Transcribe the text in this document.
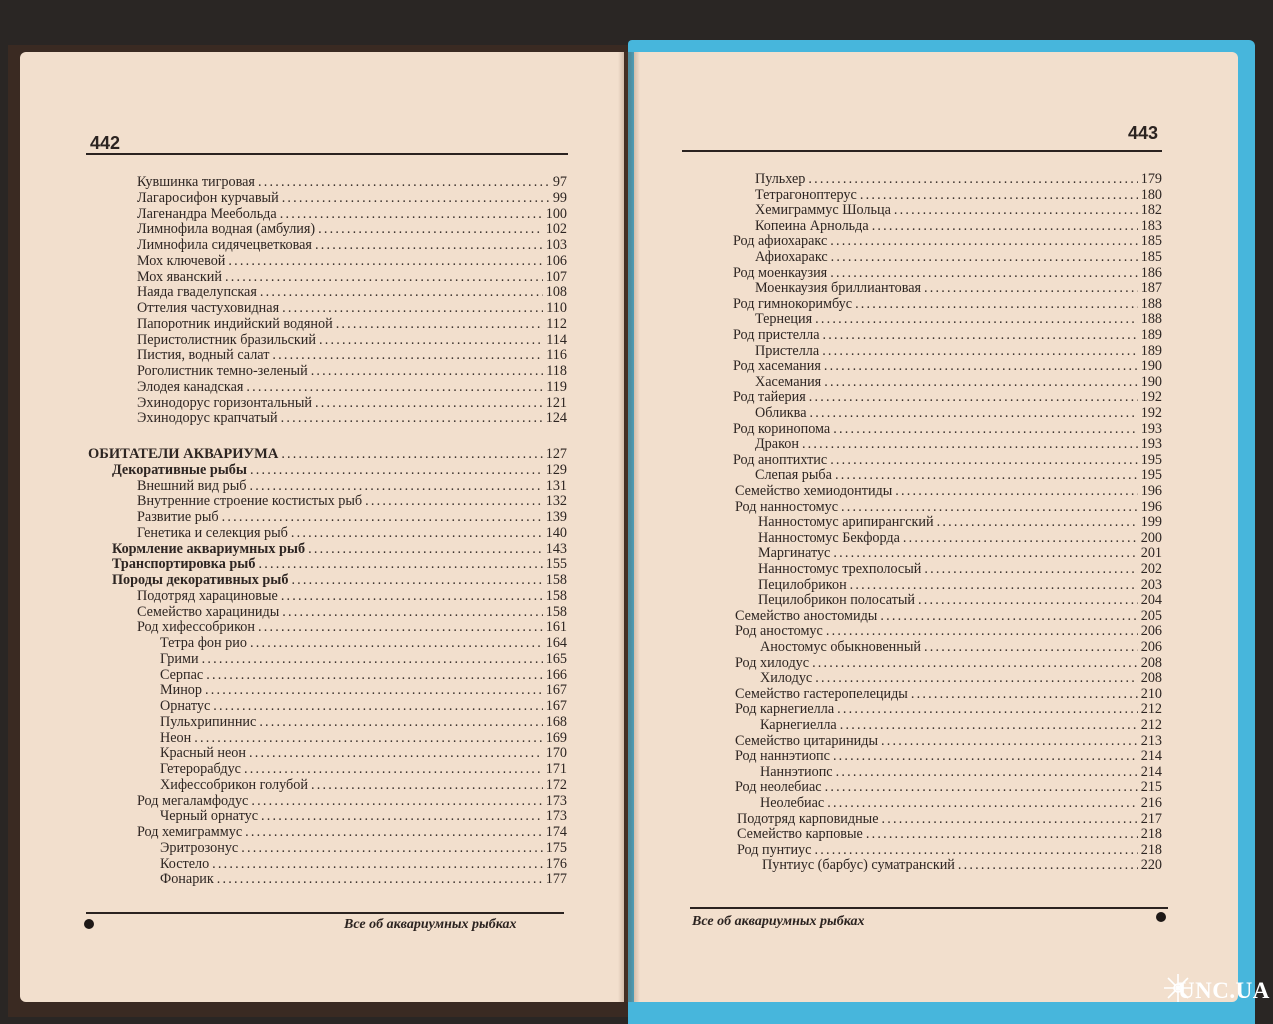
442	443
Кувшинка тигровая .....	97
Лагаросифон курчавый .....	99
Лагенандра Меебольда .....	100
Лимнофила водная (амбулия) .....	102
Лимнофила сидячецветковая .....	103
Мох ключевой .....	106
Мох яванский .....	107
Наяда гваделупская .....	108
Оттелия частуховидная .....	110
Папоротник индийский водяной .....	112
Перистолистник бразильский .....	114
Пистия, водный салат .....	116
Роголистник темно-зеленый .....	118
Элодея канадская .....	119
Эхинодорус горизонтальный .....	121
Эхинодорус крапчатый .....	124
ОБИТАТЕЛИ АКВАРИУМА .....	127
Декоративные рыбы .....	129
Внешний вид рыб .....	131
Внутренние строение костистых рыб .....	132
Развитие рыб .....	139
Генетика и селекция рыб .....	140
Кормление аквариумных рыб .....	143
Транспортировка рыб .....	155
Породы декоративных рыб .....	158
Подотряд харациновые .....	158
Семейство харациниды .....	158
Род хифессобрикон .....	161
Тетра фон рио .....	164
Грими .....	165
Серпас .....	166
Минор .....	167
Орнатус .....	167
Пульхрипиннис .....	168
Неон .....	169
Красный неон .....	170
Гетерорабдус .....	171
Хифессобрикон голубой .....	172
Род мегаламфодус .....	173
Черный орнатус .....	173
Род хемиграммус .....	174
Эритрозонус .....	175
Костело .....	176
Фонарик .....	177
Пульхер .....	179
Тетрагоноптерус .....	180
Хемиграммус Шольца .....	182
Копеина Арнольда .....	183
Род афиохаракс .....	185
Афиохаракс .....	185
Род моенкаузия .....	186
Моенкаузия бриллиантовая .....	187
Род гимнокоримбус .....	188
Тернеция .....	188
Род пристелла .....	189
Пристелла .....	189
Род хасемания .....	190
Хасемания .....	190
Род тайерия .....	192
Обликва .....	192
Род коринопома .....	193
Дракон .....	193
Род аноптихтис .....	195
Слепая рыба .....	195
Семейство хемиодонтиды .....	196
Род нанностомус .....	196
Нанностомус арипирангский .....	199
Нанностомус Бекфорда .....	200
Маргинатус .....	201
Нанностомус трехполосый .....	202
Пецилобрикон .....	203
Пецилобрикон полосатый .....	204
Семейство аностомиды .....	205
Род аностомус .....	206
Аностомус обыкновенный .....	206
Род хилодус .....	208
Хилодус .....	208
Семейство гастеропелециды .....	210
Род карнегиелла .....	212
Карнегиелла .....	212
Семейство цитариниды .....	213
Род наннэтиопс .....	214
Наннэтиопс .....	214
Род неолебиас .....	215
Неолебиас .....	216
Подотряд карповидные .....	217
Семейство карповые .....	218
Род пунтиус .....	218
Пунтиус (барбус) суматранский .....	220
Все об аквариумных рыбках	Все об аквариумных рыбках
UNC.UA
